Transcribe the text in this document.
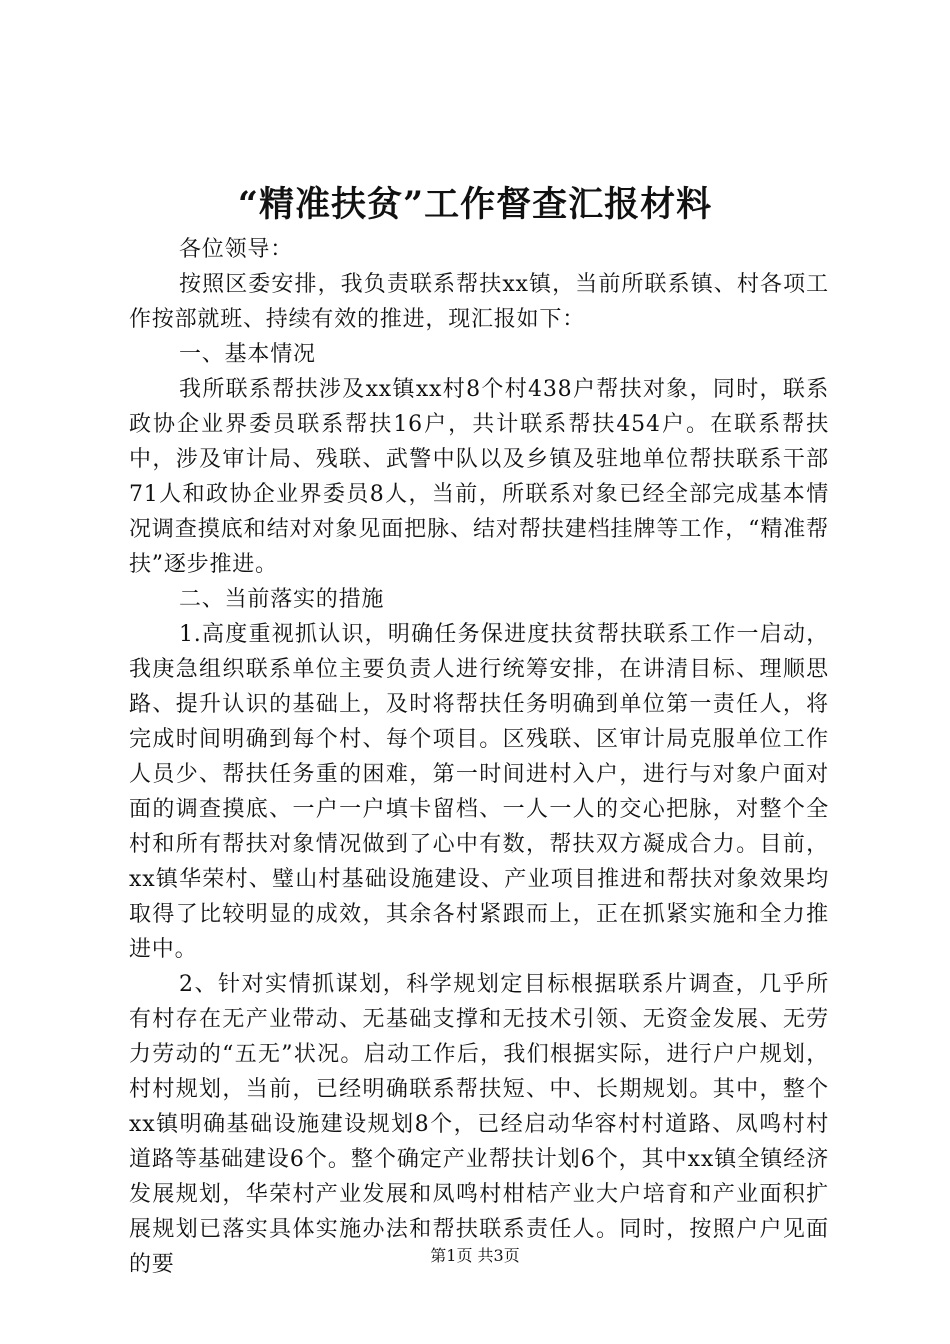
“精准扶贫”工作督查汇报材料

各位领导：

按照区委安排，我负责联系帮扶xx镇，当前所联系镇、村各项工作按部就班、持续有效的推进，现汇报如下：

一、基本情况

我所联系帮扶涉及xx镇xx村8个村438户帮扶对象，同时，联系政协企业界委员联系帮扶16户，共计联系帮扶454户。在联系帮扶中，涉及审计局、残联、武警中队以及乡镇及驻地单位帮扶联系干部71人和政协企业界委员8人，当前，所联系对象已经全部完成基本情况调查摸底和结对对象见面把脉、结对帮扶建档挂牌等工作，“精准帮扶”逐步推进。

二、当前落实的措施

1.高度重视抓认识，明确任务保进度扶贫帮扶联系工作一启动，我庚急组织联系单位主要负责人进行统筹安排，在讲清目标、理顺思路、提升认识的基础上，及时将帮扶任务明确到单位第一责任人，将完成时间明确到每个村、每个项目。区残联、区审计局克服单位工作人员少、帮扶任务重的困难，第一时间进村入户，进行与对象户面对面的调查摸底、一户一户填卡留档、一人一人的交心把脉，对整个全村和所有帮扶对象情况做到了心中有数，帮扶双方凝成合力。目前，xx镇华荣村、璧山村基础设施建设、产业项目推进和帮扶对象效果均取得了比较明显的成效，其余各村紧跟而上，正在抓紧实施和全力推进中。

2、针对实情抓谋划，科学规划定目标根据联系片调查，几乎所有村存在无产业带动、无基础支撑和无技术引领、无资金发展、无劳力劳动的“五无”状况。启动工作后，我们根据实际，进行户户规划，村村规划，当前，已经明确联系帮扶短、中、长期规划。其中，整个xx镇明确基础设施建设规划8个，已经启动华容村村道路、凤鸣村村道路等基础建设6个。整个确定产业帮扶计划6个，其中xx镇全镇经济发展规划，华荣村产业发展和凤鸣村柑桔产业大户培育和产业面积扩展规划已落实具体实施办法和帮扶联系责任人。同时，按照户户见面的要	第1页 共3页
